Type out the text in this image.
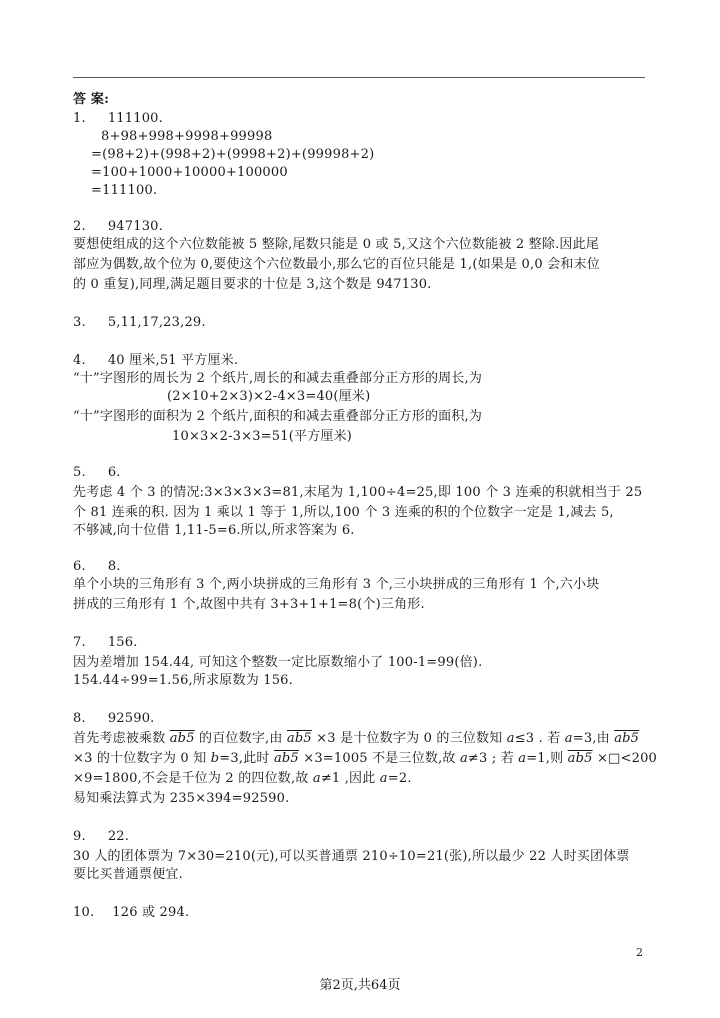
答 案:
1. 111100.
8+98+998+9998+99998
=(98+2)+(998+2)+(9998+2)+(99998+2)
=100+1000+10000+100000
=111100.
2. 947130.
要想使组成的这个六位数能被 5 整除,尾数只能是 0 或 5,又这个六位数能被 2 整除.因此尾
部应为偶数,故个位为 0,要使这个六位数最小,那么它的百位只能是 1,(如果是 0,0 会和末位
的 0 重复),同理,满足题目要求的十位是 3,这个数是 947130.
3. 5,11,17,23,29.
4. 40 厘米,51 平方厘米.
“十”字图形的周长为 2 个纸片,周长的和减去重叠部分正方形的周长,为
(2×10+2×3)×2-4×3=40(厘米)
“十”字图形的面积为 2 个纸片,面积的和减去重叠部分正方形的面积,为
10×3×2-3×3=51(平方厘米)
5. 6.
先考虑 4 个 3 的情况:3×3×3×3=81,末尾为 1,100÷4=25,即 100 个 3 连乘的积就相当于 25
个 81 连乘的积. 因为 1 乘以 1 等于 1,所以,100 个 3 连乘的积的个位数字一定是 1,减去 5,
不够减,向十位借 1,11-5=6.所以,所求答案为 6.
6. 8.
单个小块的三角形有 3 个,两小块拼成的三角形有 3 个,三小块拼成的三角形有 1 个,六小块
拼成的三角形有 1 个,故图中共有 3+3+1+1=8(个)三角形.
7. 156.
因为差增加 154.44, 可知这个整数一定比原数缩小了 100-1=99(倍).
154.44÷99=1.56,所求原数为 156.
8. 92590.
首先考虑被乘数 ab5 的百位数字,由 ab5 ×3 是十位数字为 0 的三位数知 a≤3 . 若 a=3,由 ab5
×3 的十位数字为 0 知 b=3,此时 ab5 ×3=1005 不是三位数,故 a≠3 ; 若 a=1,则 ab5 ×□<200
×9=1800,不会是千位为 2 的四位数,故 a≠1 ,因此 a=2.
易知乘法算式为 235×394=92590.
9. 22.
30 人的团体票为 7×30=210(元),可以买普通票 210÷10=21(张),所以最少 22 人时买团体票
要比买普通票便宜.
10. 126 或 294.
2
第2页,共64页
